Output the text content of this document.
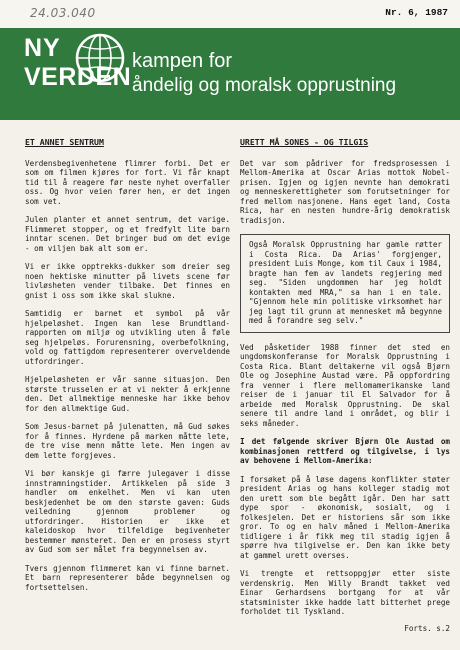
24.03.040	Nr. 6, 1987
NY
VERDEN
kampen for
åndelig og moralsk opprustning
ET ANNET SENTRUM

Verdensbegivenhetene flimrer forbi. Det er som om filmen kjøres for fort. Vi får knapt tid til å reagere før neste nyhet overfaller oss. Og hvor veien fører hen, er det ingen som vet.

Julen planter et annet sentrum, det varige. Flimmeret stopper, og et fredfylt lite barn inntar scenen. Det bringer bud om det evige - om viljen bak alt som er.

Vi er ikke opptrekks-dukker som dreier seg noen hektiske minutter på livets scene før livløsheten vender tilbake. Det finnes en gnist i oss som ikke skal slukne.

Samtidig er barnet et symbol på vår hjelpeløshet. Ingen kan lese Brundtland-rapporten om miljø og utvikling uten å føle seg hjelpeløs. Forurensning, overbefolkning, vold og fattigdom representerer overveldende utfordringer.

Hjelpeløsheten er vår sanne situasjon. Den største trusselen er at vi nekter å erkjenne den. Det allmektige menneske har ikke behov for den allmektige Gud.

Som Jesus-barnet på julenatten, må Gud søkes for å finnes. Hyrdene på marken måtte lete, de tre vise menn måtte lete. Men ingen av dem lette forgjeves.

Vi bør kanskje gi færre julegaver i disse innstramningstider. Artikkelen på side 3 handler om enkelhet. Men vi kan uten beskjedenhet be om den største gaven: Guds veiledning gjennom problemer og utfordringer. Historien er ikke et kaleidoskop hvor tilfeldige begivenheter bestemmer mønsteret. Den er en prosess styrt av Gud som ser målet fra begynnelsen av.

Tvers gjennom flimmeret kan vi finne barnet. Et barn representerer både begynnelsen og fortsettelsen.

URETT MÅ SONES - OG TILGIS

Det var som pådriver for fredsprosessen i Mellom-Amerika at Oscar Arias mottok Nobel-prisen. Igjen og igjen nevnte han demokrati og menneskerettigheter som forutsetninger for fred mellom nasjonene. Hans eget land, Costa Rica, har en nesten hundre-årig demokratisk tradisjon.

Også Moralsk Opprustning har gamle røtter i Costa Rica. Da Arias' forgjenger, president Luis Monge, kom til Caux i 1984, bragte han fem av landets regjering med seg. "Siden ungdommen har jeg holdt kontakten med MRA," sa han i en tale. "Gjennom hele min politiske virksomhet har jeg lagt til grunn at mennesket må begynne med å forandre seg selv."

Ved påsketider 1988 finner det sted en ungdomskonferanse for Moralsk Opprustning i Costa Rica. Blant deltakerne vil også Bjørn Ole og Josephine Austad være. På oppfordring fra venner i flere mellomamerikanske land reiser de i januar til El Salvador for å arbeide med Moralsk Opprustning. De skal senere til andre land i området, og blir i seks måneder.

I det følgende skriver Bjørn Ole Austad om kombinasjonen rettferd og tilgivelse, i lys av behovene i Mellom-Amerika:

I forsøket på å løse dagens konflikter støter president Arias og hans kolleger stadig mot den urett som ble begått igår. Den har satt dype spor - økonomisk, sosialt, og i folkesjelen. Det er historiens sår som ikke gror. To og en halv måned i Mellom-Amerika tidligere i år fikk meg til stadig igjen å spørre hva tilgivelse er. Den kan ikke bety at gammel urett overses.

Vi trengte et rettsoppgjør etter siste verdenskrig. Men Willy Brandt takket ved Einar Gerhardsens bortgang for at vår statsminister ikke hadde latt bitterhet prege forholdet til Tyskland.

Forts. s.2
